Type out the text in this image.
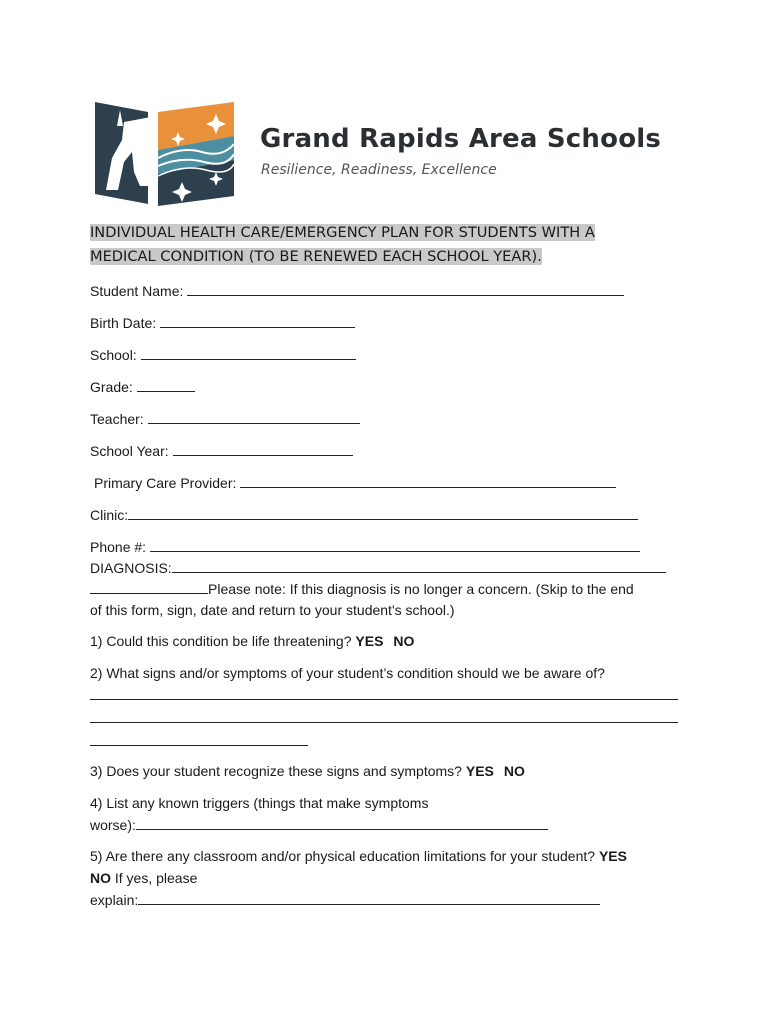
Grand Rapids Area Schools
Resilience, Readiness, Excellence
INDIVIDUAL HEALTH CARE/EMERGENCY PLAN FOR STUDENTS WITH A
MEDICAL CONDITION (TO BE RENEWED EACH SCHOOL YEAR).
Student Name:
Birth Date:
School:
Grade:
Teacher:
School Year:
Primary Care Provider:
Clinic:
Phone #:
DIAGNOSIS:
Please note: If this diagnosis is no longer a concern. (Skip to the end
of this form, sign, date and return to your student's school.)
1) Could this condition be life threatening? YES NO
2) What signs and/or symptoms of your student’s condition should we be aware of?
3) Does your student recognize these signs and symptoms? YES NO
4) List any known triggers (things that make symptoms
worse):
5) Are there any classroom and/or physical education limitations for your student? YES
NO If yes, please
explain:
